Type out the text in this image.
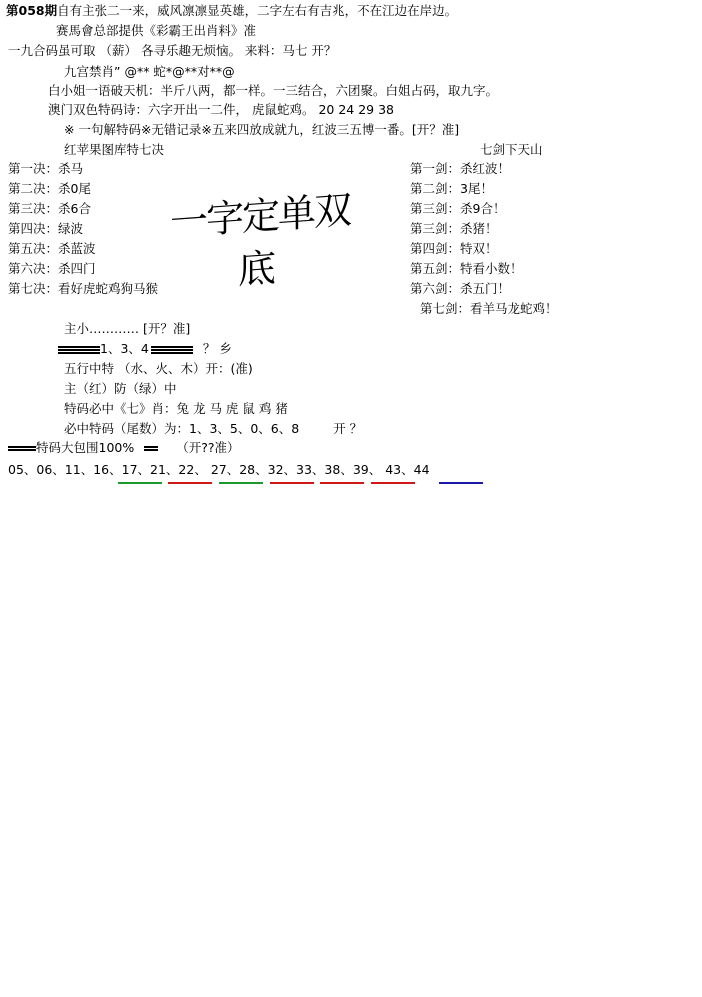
第058期自有主张二一来，威风凛凛显英雄，二字左右有吉兆，不在江边在岸边。
赛馬會总部提供《彩霸王出肖料》准
一九合码虽可取 （薪） 各寻乐趣无烦恼。 来料：马七 开？
九宫禁肖” @** 蛇*@**对**@
白小姐一语破天机：半斤八两，都一样。一三结合，六团聚。白姐占码，取九字。
澳门双色特码诗：六字开出一二件， 虎鼠蛇鸡。 20 24 29 38
※ 一句解特码※无错记录※五来四放成就九，红波三五博一番。[开？准]
红苹果图库特七决
第一决：杀马
第二决：杀0尾
第三决：杀6合
第四决：绿波
第五决：杀蓝波
第六决：杀四门
第七决：看好虎蛇鸡狗马猴
一字定单双
底
七剑下天山
第一剑：杀红波！
第二剑：3尾！
第三剑：杀9合！
第三剑：杀猪！
第四剑：特双！
第五剑：特看小数！
第六剑：杀五门！
第七剑：看羊马龙蛇鸡！
主小………… [开？准]
1、3、4	？ 乡
五行中特 （水、火、木）开：(准)
主（红）防（绿）中
特码必中《七》肖：兔 龙 马 虎 鼠 鸡 猪
必中特码（尾数）为：1、3、5、0、6、8	开 ？
特码大包围100%	（开??准）
05、06、11、16、17、21、22、 27、28、32、33、38、39、 43、44
